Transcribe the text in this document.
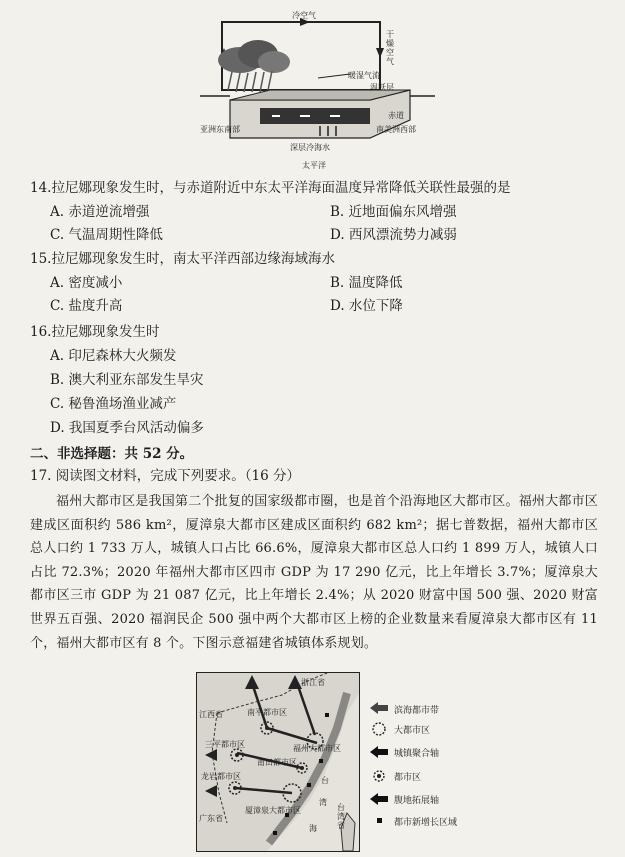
冷空气
干燥空气
暖湿气流
温跃层
赤道
亚洲东南部	南美洲西部
深层冷海水
太平洋
14.拉尼娜现象发生时，与赤道附近中东太平洋海面温度异常降低关联性最强的是
A. 赤道逆流增强	B. 近地面偏东风增强
C. 气温周期性降低	D. 西风漂流势力减弱
15.拉尼娜现象发生时，南太平洋西部边缘海域海水
A. 密度减小	B. 温度降低
C. 盐度升高	D. 水位下降
16.拉尼娜现象发生时
A. 印尼森林大火频发
B. 澳大利亚东部发生旱灾
C. 秘鲁渔场渔业减产
D. 我国夏季台风活动偏多
二、非选择题：共 52 分。
17. 阅读图文材料，完成下列要求。（16 分）
福州大都市区是我国第二个批复的国家级都市圈，也是首个沿海地区大都市区。福州大都市区建成区面积约 586 km²，厦漳泉大都市区建成区面积约 682 km²；据七普数据，福州大都市区总人口约 1 733 万人，城镇人口占比 66.6%，厦漳泉大都市区总人口约 1 899 万人，城镇人口占比 72.3%；2020 年福州大都市区四市 GDP 为 17 290 亿元，比上年增长 3.7%；厦漳泉大都市区三市 GDP 为 21 087 亿元，比上年增长 2.4%；从 2020 财富中国 500 强、2020 财富世界五百强、2020 福润民企 500 强中两个大都市区上榜的企业数量来看厦漳泉大都市区有 11 个，福州大都市区有 8 个。下图示意福建省城镇体系规划。
浙江省
江西省	南平都市区
三平都市区	福州大都市区
莆田都市区
龙岩都市区
广东省
厦漳泉大都市区	台湾省
台
湾
海
滨海都市带
大都市区
城镇聚合轴
都市区
腹地拓展轴
都市新增长区域
